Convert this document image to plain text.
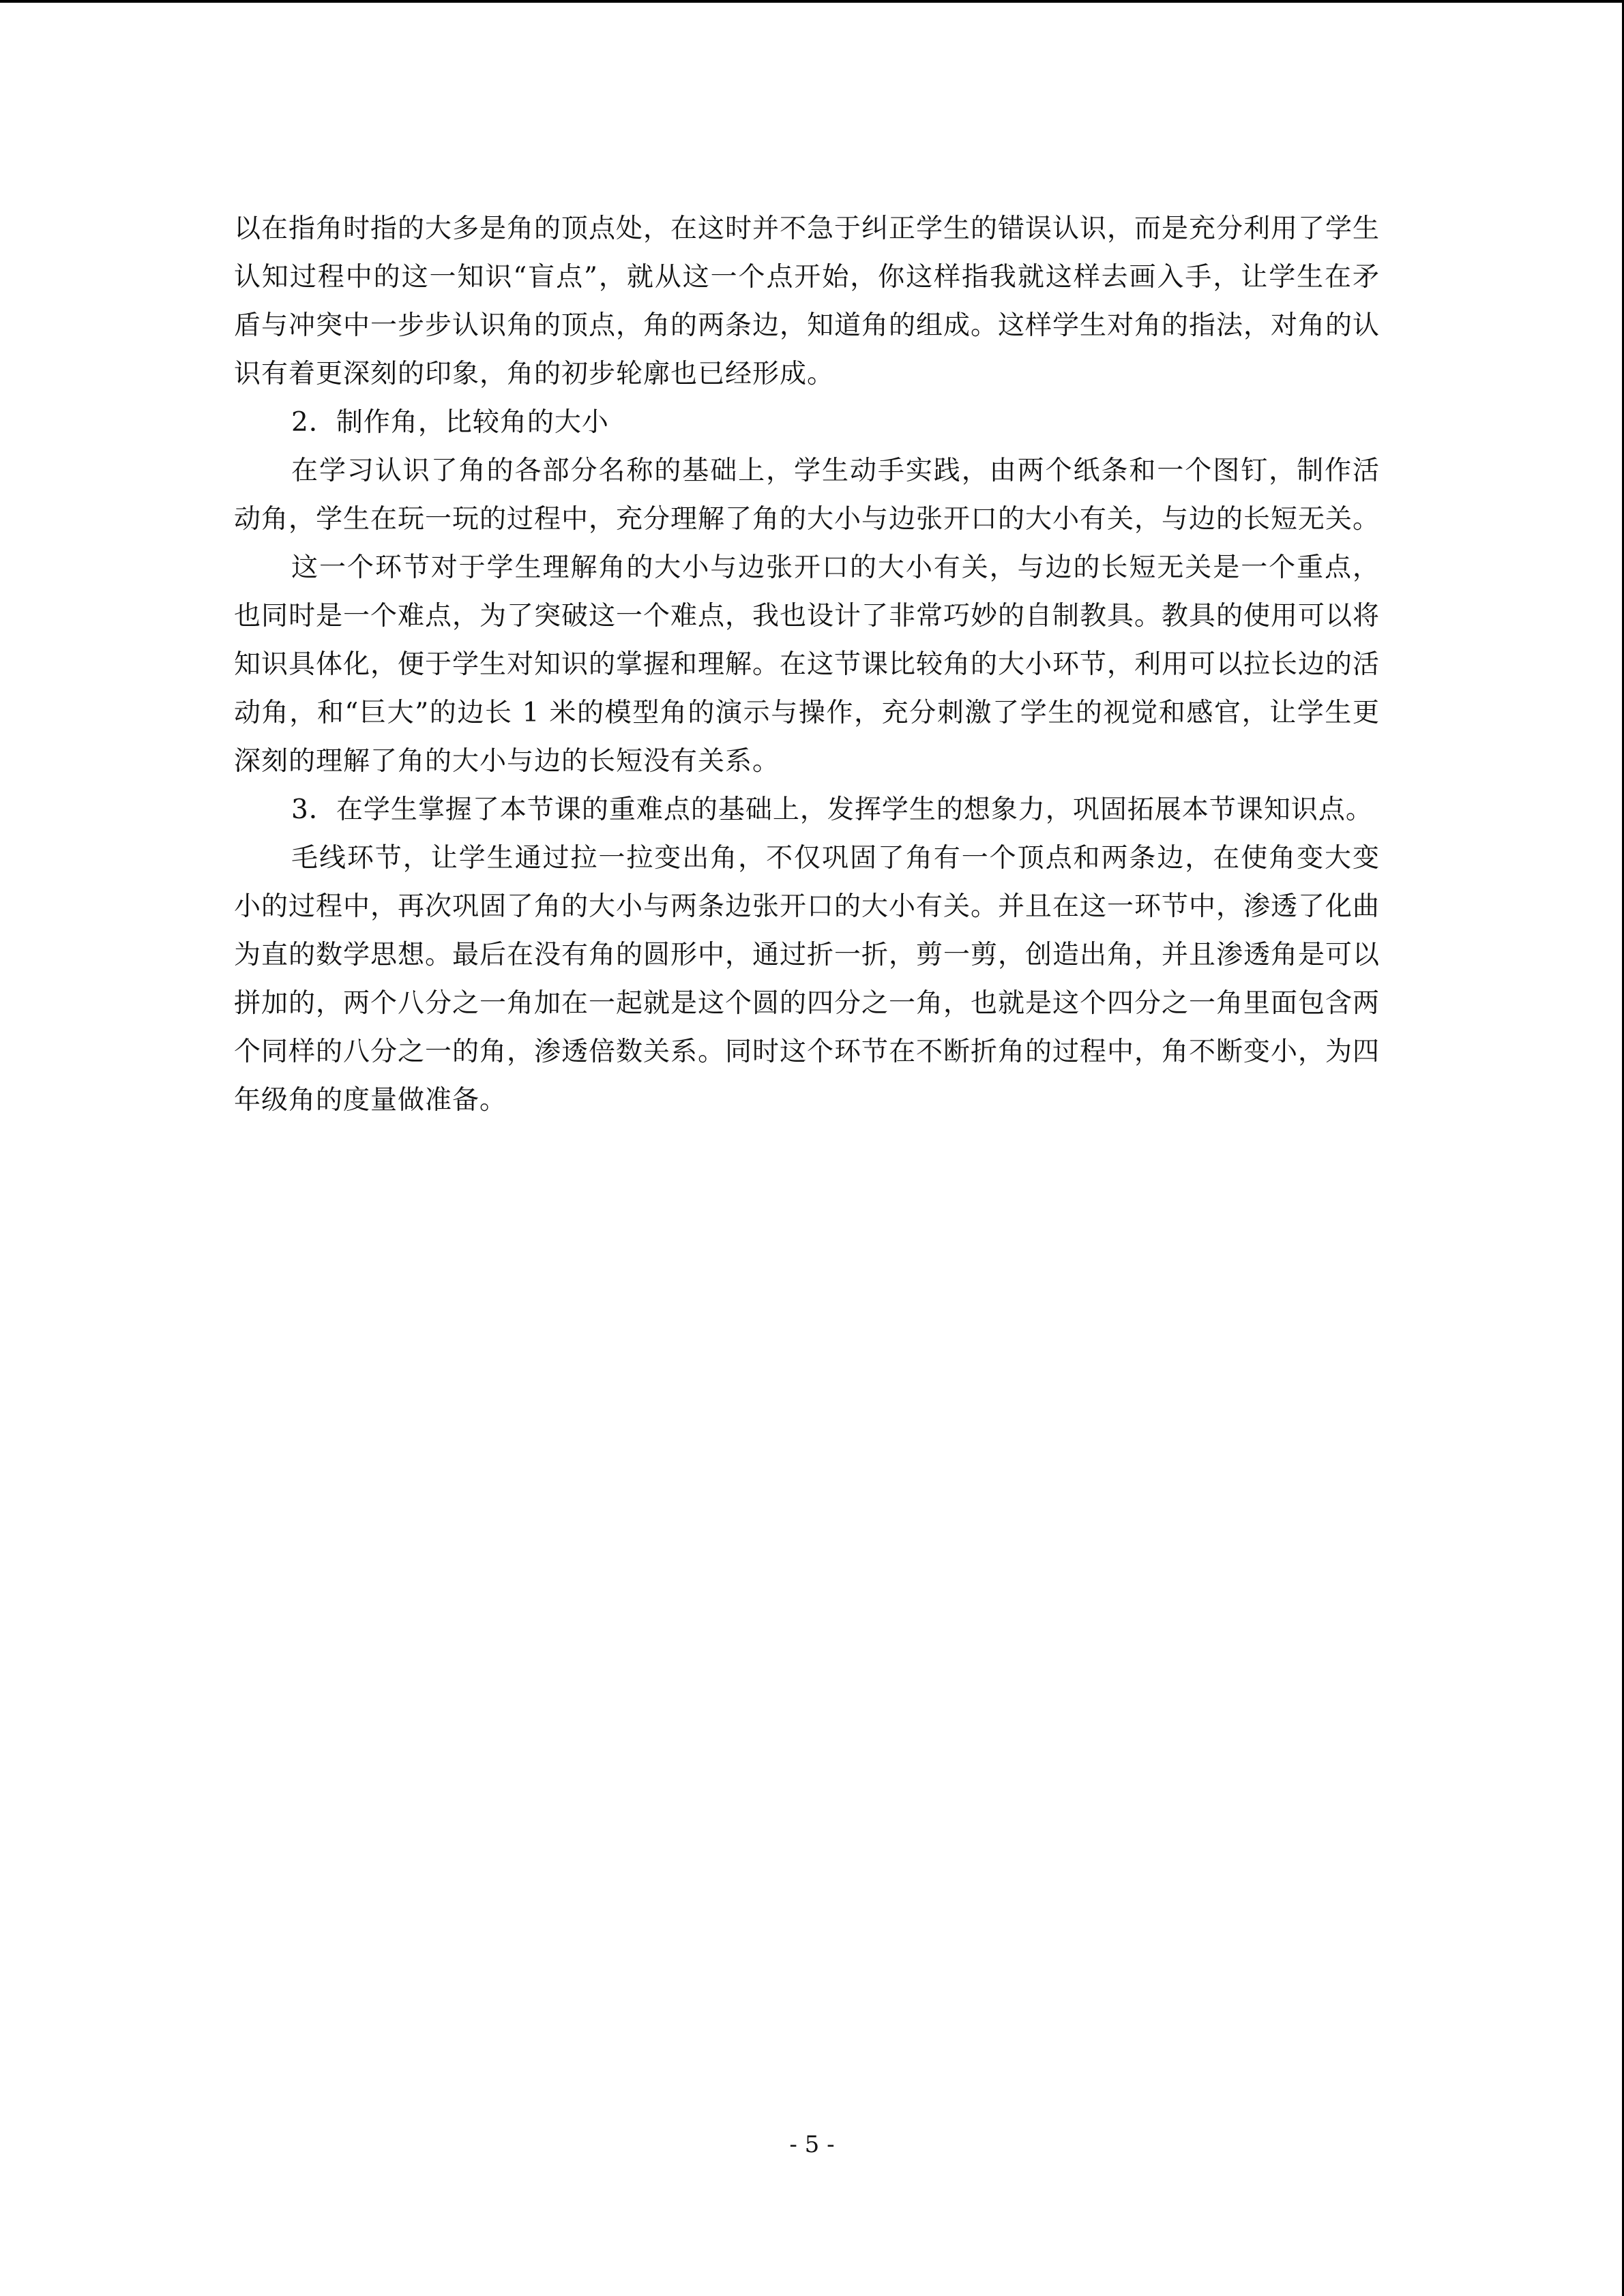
以在指角时指的大多是角的顶点处，在这时并不急于纠正学生的错误认识，而是充分利用了学生认知过程中的这一知识“盲点”，就从这一个点开始，你这样指我就这样去画入手，让学生在矛盾与冲突中一步步认识角的顶点，角的两条边，知道角的组成。这样学生对角的指法，对角的认识有着更深刻的印象，角的初步轮廓也已经形成。

2．制作角，比较角的大小

在学习认识了角的各部分名称的基础上，学生动手实践，由两个纸条和一个图钉，制作活动角，学生在玩一玩的过程中，充分理解了角的大小与边张开口的大小有关，与边的长短无关。

这一个环节对于学生理解角的大小与边张开口的大小有关，与边的长短无关是一个重点，也同时是一个难点，为了突破这一个难点，我也设计了非常巧妙的自制教具。教具的使用可以将知识具体化，便于学生对知识的掌握和理解。在这节课比较角的大小环节，利用可以拉长边的活动角，和“巨大”的边长 1 米的模型角的演示与操作，充分刺激了学生的视觉和感官，让学生更深刻的理解了角的大小与边的长短没有关系。

3．在学生掌握了本节课的重难点的基础上，发挥学生的想象力，巩固拓展本节课知识点。

毛线环节，让学生通过拉一拉变出角，不仅巩固了角有一个顶点和两条边，在使角变大变小的过程中，再次巩固了角的大小与两条边张开口的大小有关。并且在这一环节中，渗透了化曲为直的数学思想。最后在没有角的圆形中，通过折一折，剪一剪，创造出角，并且渗透角是可以拼加的，两个八分之一角加在一起就是这个圆的四分之一角，也就是这个四分之一角里面包含两个同样的八分之一的角，渗透倍数关系。同时这个环节在不断折角的过程中，角不断变小，为四年级角的度量做准备。

- 5 -
